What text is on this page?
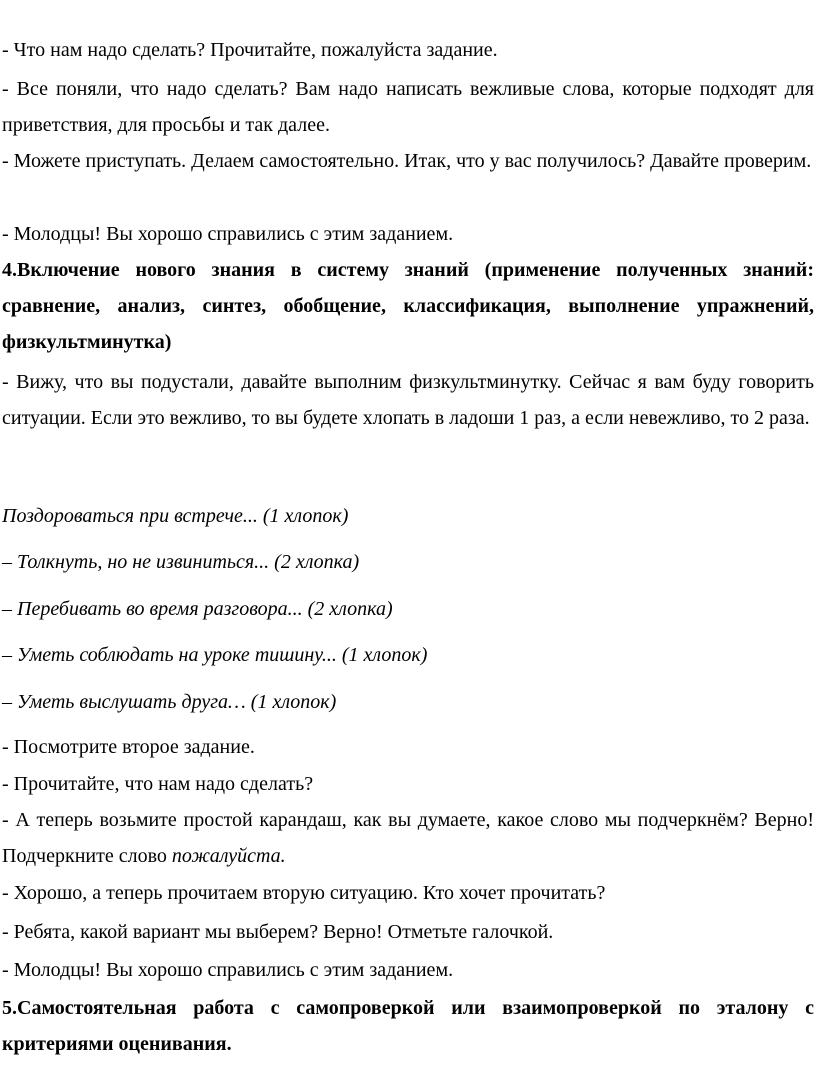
- Что нам надо сделать? Прочитайте, пожалуйста задание.

- Все поняли, что надо сделать? Вам надо написать вежливые слова, которые подходят для приветствия, для просьбы и так далее.

- Можете приступать. Делаем самостоятельно. Итак, что у вас получилось? Давайте проверим.

- Молодцы! Вы хорошо справились с этим заданием.

4.Включение нового знания в систему знаний (применение полученных знаний: сравнение, анализ, синтез, обобщение, классификация, выполнение упражнений, физкультминутка)

- Вижу, что вы подустали, давайте выполним физкультминутку. Сейчас я вам буду говорить ситуации. Если это вежливо, то вы будете хлопать в ладоши 1 раз, а если невежливо, то 2 раза.

Поздороваться при встрече... (1 хлопок)

– Толкнуть, но не извиниться... (2 хлопка)

– Перебивать во время разговора... (2 хлопка)

– Уметь соблюдать на уроке тишину... (1 хлопок)

– Уметь выслушать друга… (1 хлопок)

- Посмотрите второе задание.

- Прочитайте, что нам надо сделать?

- А теперь возьмите простой карандаш, как вы думаете, какое слово мы подчеркнём? Верно! Подчеркните слово пожалуйста.

- Хорошо, а теперь прочитаем вторую ситуацию. Кто хочет прочитать?

- Ребята, какой вариант мы выберем? Верно! Отметьте галочкой.

- Молодцы! Вы хорошо справились с этим заданием.

5.Самостоятельная работа с самопроверкой или взаимопроверкой по эталону с критериями оценивания.
